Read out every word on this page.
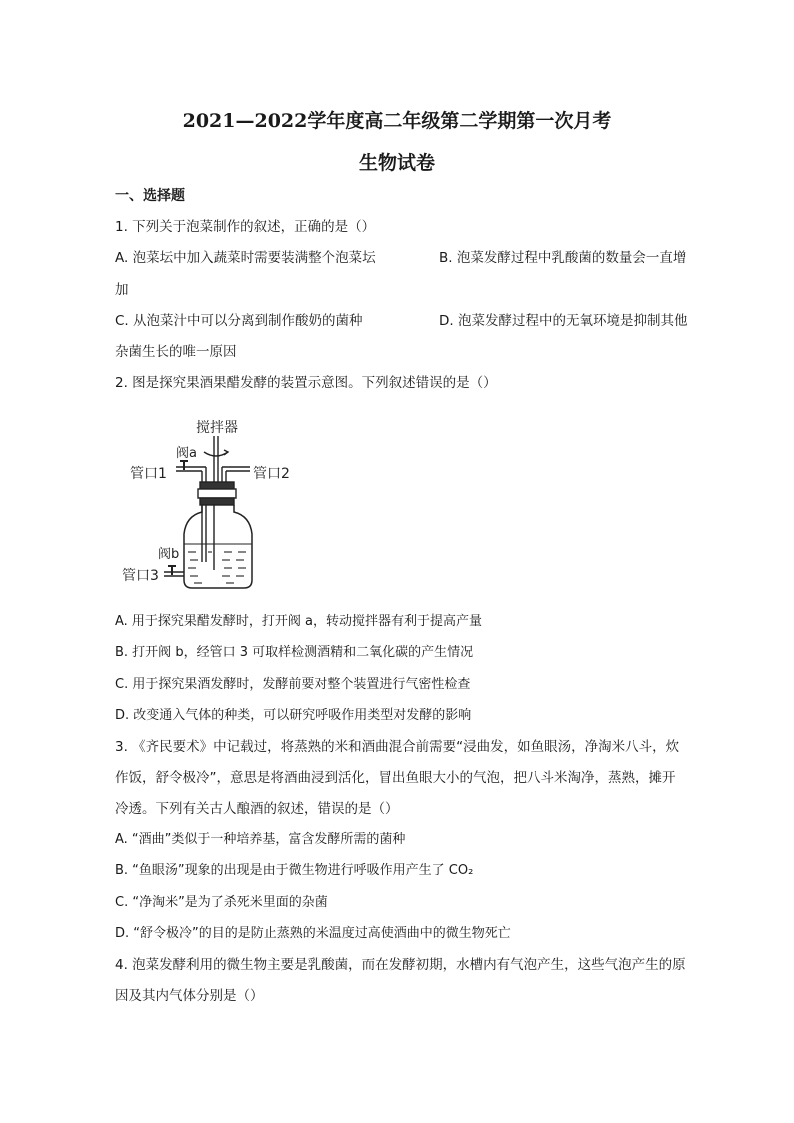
2021—2022学年度高二年级第二学期第一次月考
生物试卷
一、选择题
1. 下列关于泡菜制作的叙述，正确的是（）
A. 泡菜坛中加入蔬菜时需要装满整个泡菜坛	B. 泡菜发酵过程中乳酸菌的数量会一直增
加
C. 从泡菜汁中可以分离到制作酸奶的菌种	D. 泡菜发酵过程中的无氧环境是抑制其他
杂菌生长的唯一原因
2. 图是探究果酒果醋发酵的装置示意图。下列叙述错误的是（）
搅拌器
阀a
管口1	管口2
阀b
管口3
A. 用于探究果醋发酵时，打开阀 a，转动搅拌器有利于提高产量
B. 打开阀 b，经管口 3 可取样检测酒精和二氧化碳的产生情况
C. 用于探究果酒发酵时，发酵前要对整个装置进行气密性检查
D. 改变通入气体的种类，可以研究呼吸作用类型对发酵的影响
3. 《齐民要术》中记载过，将蒸熟的米和酒曲混合前需要“浸曲发，如鱼眼汤，净淘米八斗，炊
作饭，舒令极冷”，意思是将酒曲浸到活化，冒出鱼眼大小的气泡，把八斗米淘净，蒸熟，摊开
冷透。下列有关古人酿酒的叙述，错误的是（）
A. “酒曲”类似于一种培养基，富含发酵所需的菌种
B. “鱼眼汤”现象的出现是由于微生物进行呼吸作用产生了 CO₂
C. “净淘米”是为了杀死米里面的杂菌
D. “舒令极冷”的目的是防止蒸熟的米温度过高使酒曲中的微生物死亡
4. 泡菜发酵利用的微生物主要是乳酸菌，而在发酵初期，水槽内有气泡产生，这些气泡产生的原
因及其内气体分别是（）
